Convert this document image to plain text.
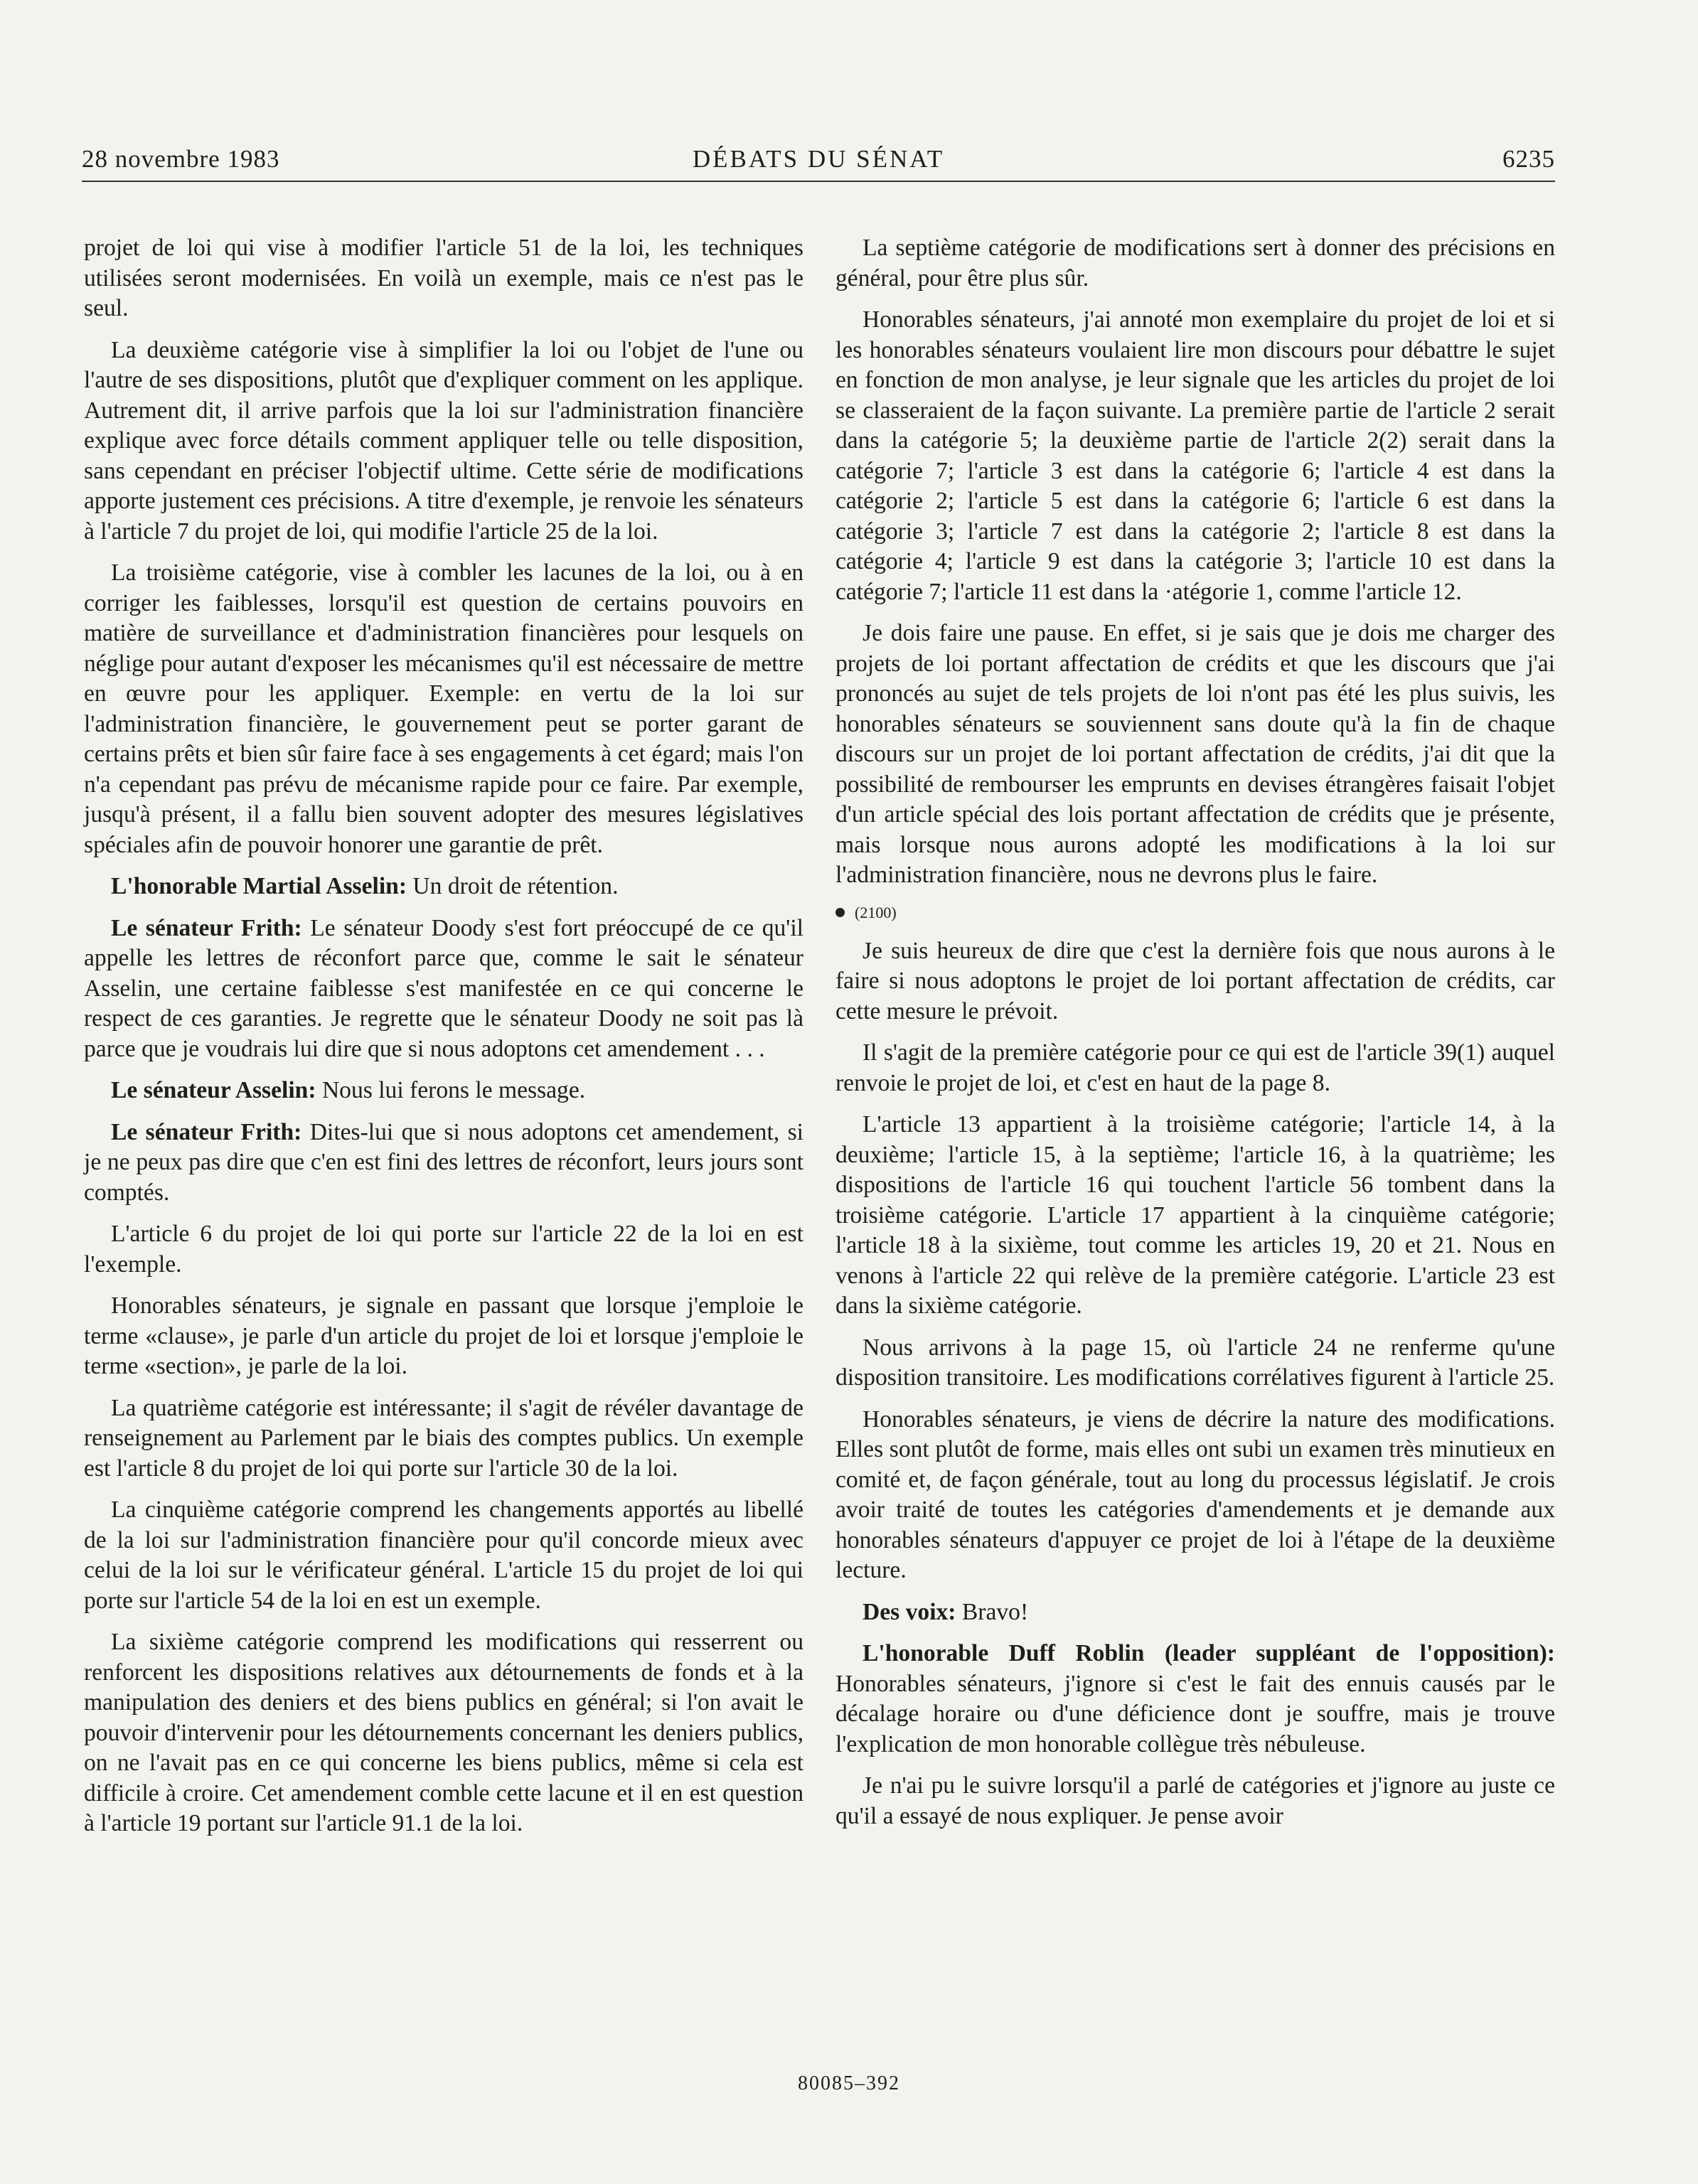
28 novembre 1983	DÉBATS DU SÉNAT	6235

projet de loi qui vise à modifier l'article 51 de la loi, les techniques utilisées seront modernisées. En voilà un exemple, mais ce n'est pas le seul.

La deuxième catégorie vise à simplifier la loi ou l'objet de l'une ou l'autre de ses dispositions, plutôt que d'expliquer comment on les applique. Autrement dit, il arrive parfois que la loi sur l'administration financière explique avec force détails comment appliquer telle ou telle disposition, sans cependant en préciser l'objectif ultime. Cette série de modifications apporte justement ces précisions. A titre d'exemple, je renvoie les sénateurs à l'article 7 du projet de loi, qui modifie l'article 25 de la loi.

La troisième catégorie, vise à combler les lacunes de la loi, ou à en corriger les faiblesses, lorsqu'il est question de certains pouvoirs en matière de surveillance et d'administration financières pour lesquels on néglige pour autant d'exposer les mécanismes qu'il est nécessaire de mettre en œuvre pour les appliquer. Exemple: en vertu de la loi sur l'administration financière, le gouvernement peut se porter garant de certains prêts et bien sûr faire face à ses engagements à cet égard; mais l'on n'a cependant pas prévu de mécanisme rapide pour ce faire. Par exemple, jusqu'à présent, il a fallu bien souvent adopter des mesures législatives spéciales afin de pouvoir honorer une garantie de prêt.

L'honorable Martial Asselin: Un droit de rétention.

Le sénateur Frith: Le sénateur Doody s'est fort préoccupé de ce qu'il appelle les lettres de réconfort parce que, comme le sait le sénateur Asselin, une certaine faiblesse s'est manifestée en ce qui concerne le respect de ces garanties. Je regrette que le sénateur Doody ne soit pas là parce que je voudrais lui dire que si nous adoptons cet amendement . . .

Le sénateur Asselin: Nous lui ferons le message.

Le sénateur Frith: Dites-lui que si nous adoptons cet amendement, si je ne peux pas dire que c'en est fini des lettres de réconfort, leurs jours sont comptés.

L'article 6 du projet de loi qui porte sur l'article 22 de la loi en est l'exemple.

Honorables sénateurs, je signale en passant que lorsque j'emploie le terme «clause», je parle d'un article du projet de loi et lorsque j'emploie le terme «section», je parle de la loi.

La quatrième catégorie est intéressante; il s'agit de révéler davantage de renseignement au Parlement par le biais des comptes publics. Un exemple est l'article 8 du projet de loi qui porte sur l'article 30 de la loi.

La cinquième catégorie comprend les changements apportés au libellé de la loi sur l'administration financière pour qu'il concorde mieux avec celui de la loi sur le vérificateur général. L'article 15 du projet de loi qui porte sur l'article 54 de la loi en est un exemple.

La sixième catégorie comprend les modifications qui resserrent ou renforcent les dispositions relatives aux détournements de fonds et à la manipulation des deniers et des biens publics en général; si l'on avait le pouvoir d'intervenir pour les détournements concernant les deniers publics, on ne l'avait pas en ce qui concerne les biens publics, même si cela est difficile à croire. Cet amendement comble cette lacune et il en est question à l'article 19 portant sur l'article 91.1 de la loi.

La septième catégorie de modifications sert à donner des précisions en général, pour être plus sûr.

Honorables sénateurs, j'ai annoté mon exemplaire du projet de loi et si les honorables sénateurs voulaient lire mon discours pour débattre le sujet en fonction de mon analyse, je leur signale que les articles du projet de loi se classeraient de la façon suivante. La première partie de l'article 2 serait dans la catégorie 5; la deuxième partie de l'article 2(2) serait dans la catégorie 7; l'article 3 est dans la catégorie 6; l'article 4 est dans la catégorie 2; l'article 5 est dans la catégorie 6; l'article 6 est dans la catégorie 3; l'article 7 est dans la catégorie 2; l'article 8 est dans la catégorie 4; l'article 9 est dans la catégorie 3; l'article 10 est dans la catégorie 7; l'article 11 est dans la ·atégorie 1, comme l'article 12.

Je dois faire une pause. En effet, si je sais que je dois me charger des projets de loi portant affectation de crédits et que les discours que j'ai prononcés au sujet de tels projets de loi n'ont pas été les plus suivis, les honorables sénateurs se souviennent sans doute qu'à la fin de chaque discours sur un projet de loi portant affectation de crédits, j'ai dit que la possibilité de rembourser les emprunts en devises étrangères faisait l'objet d'un article spécial des lois portant affectation de crédits que je présente, mais lorsque nous aurons adopté les modifications à la loi sur l'administration financière, nous ne devrons plus le faire.

(2100)

Je suis heureux de dire que c'est la dernière fois que nous aurons à le faire si nous adoptons le projet de loi portant affectation de crédits, car cette mesure le prévoit.

Il s'agit de la première catégorie pour ce qui est de l'article 39(1) auquel renvoie le projet de loi, et c'est en haut de la page 8.

L'article 13 appartient à la troisième catégorie; l'article 14, à la deuxième; l'article 15, à la septième; l'article 16, à la quatrième; les dispositions de l'article 16 qui touchent l'article 56 tombent dans la troisième catégorie. L'article 17 appartient à la cinquième catégorie; l'article 18 à la sixième, tout comme les articles 19, 20 et 21. Nous en venons à l'article 22 qui relève de la première catégorie. L'article 23 est dans la sixième catégorie.

Nous arrivons à la page 15, où l'article 24 ne renferme qu'une disposition transitoire. Les modifications corrélatives figurent à l'article 25.

Honorables sénateurs, je viens de décrire la nature des modifications. Elles sont plutôt de forme, mais elles ont subi un examen très minutieux en comité et, de façon générale, tout au long du processus législatif. Je crois avoir traité de toutes les catégories d'amendements et je demande aux honorables sénateurs d'appuyer ce projet de loi à l'étape de la deuxième lecture.

Des voix: Bravo!

L'honorable Duff Roblin (leader suppléant de l'opposition): Honorables sénateurs, j'ignore si c'est le fait des ennuis causés par le décalage horaire ou d'une déficience dont je souffre, mais je trouve l'explication de mon honorable collègue très nébuleuse.

Je n'ai pu le suivre lorsqu'il a parlé de catégories et j'ignore au juste ce qu'il a essayé de nous expliquer. Je pense avoir

80085–392
